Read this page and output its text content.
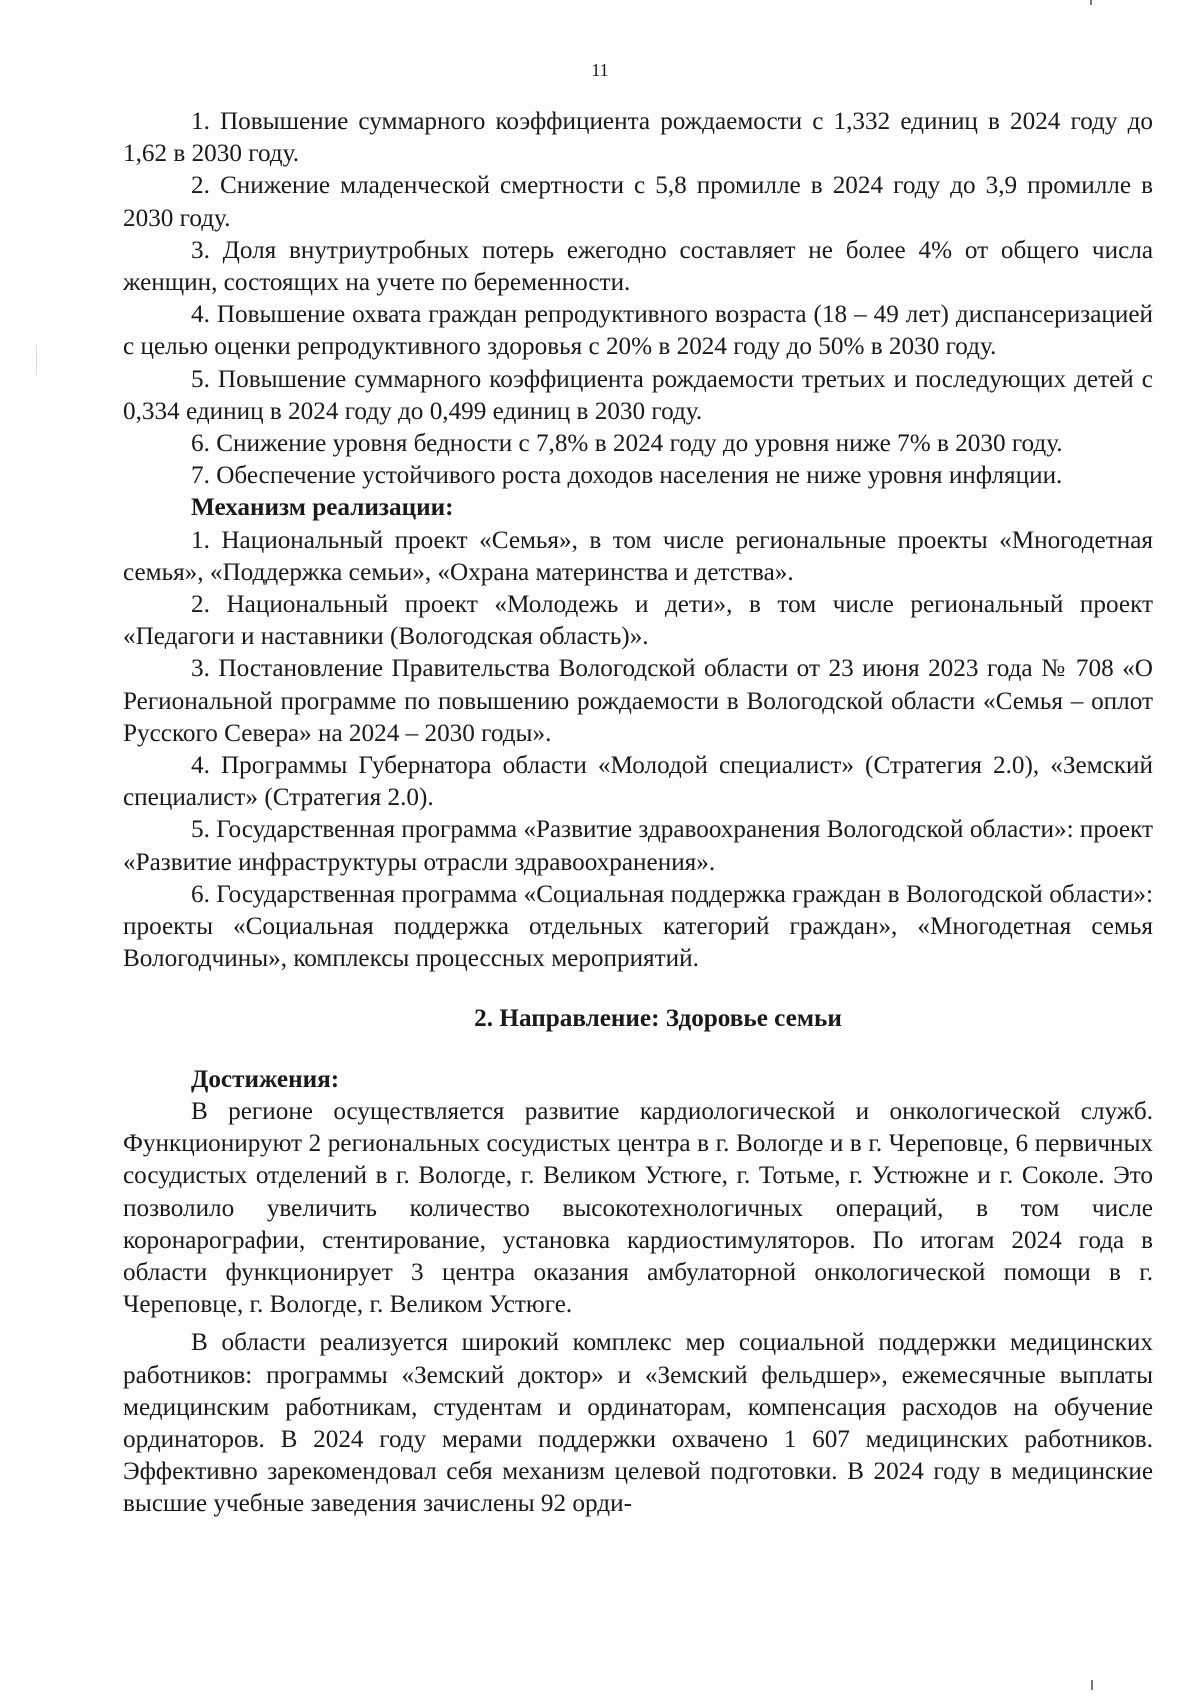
11

1. Повышение суммарного коэффициента рождаемости с 1,332 единиц в 2024 году до 1,62 в 2030 году.

2. Снижение младенческой смертности с 5,8 промилле в 2024 году до 3,9 промилле в 2030 году.

3. Доля внутриутробных потерь ежегодно составляет не более 4% от общего числа женщин, состоящих на учете по беременности.

4. Повышение охвата граждан репродуктивного возраста (18 – 49 лет) диспансеризацией с целью оценки репродуктивного здоровья с 20% в 2024 году до 50% в 2030 году.

5. Повышение суммарного коэффициента рождаемости третьих и последующих детей с 0,334 единиц в 2024 году до 0,499 единиц в 2030 году.

6. Снижение уровня бедности с 7,8% в 2024 году до уровня ниже 7% в 2030 году.

7. Обеспечение устойчивого роста доходов населения не ниже уровня инфляции.

Механизм реализации:

1. Национальный проект «Семья», в том числе региональные проекты «Многодетная семья», «Поддержка семьи», «Охрана материнства и детства».

2. Национальный проект «Молодежь и дети», в том числе региональный проект «Педагоги и наставники (Вологодская область)».

3. Постановление Правительства Вологодской области от 23 июня 2023 года № 708 «О Региональной программе по повышению рождаемости в Вологодской области «Семья – оплот Русского Севера» на 2024 – 2030 годы».

4. Программы Губернатора области «Молодой специалист» (Стратегия 2.0), «Земский специалист» (Стратегия 2.0).

5. Государственная программа «Развитие здравоохранения Вологодской области»: проект «Развитие инфраструктуры отрасли здравоохранения».

6. Государственная программа «Социальная поддержка граждан в Вологодской области»: проекты «Социальная поддержка отдельных категорий граждан», «Многодетная семья Вологодчины», комплексы процессных мероприятий.

2. Направление: Здоровье семьи

Достижения:

В регионе осуществляется развитие кардиологической и онкологической служб. Функционируют 2 региональных сосудистых центра в г. Вологде и в г. Череповце, 6 первичных сосудистых отделений в г. Вологде, г. Великом Устюге, г. Тотьме, г. Устюжне и г. Соколе. Это позволило увеличить количество высокотехнологичных операций, в том числе коронарографии, стентирование, установка кардиостимуляторов. По итогам 2024 года в области функционирует 3 центра оказания амбулаторной онкологической помощи в г. Череповце, г. Вологде, г. Великом Устюге.

В области реализуется широкий комплекс мер социальной поддержки медицинских работников: программы «Земский доктор» и «Земский фельдшер», ежемесячные выплаты медицинским работникам, студентам и ординаторам, компенсация расходов на обучение ординаторов. В 2024 году мерами поддержки охвачено 1 607 медицинских работников. Эффективно зарекомендовал себя механизм целевой подготовки. В 2024 году в медицинские высшие учебные заведения зачислены 92 орди-
